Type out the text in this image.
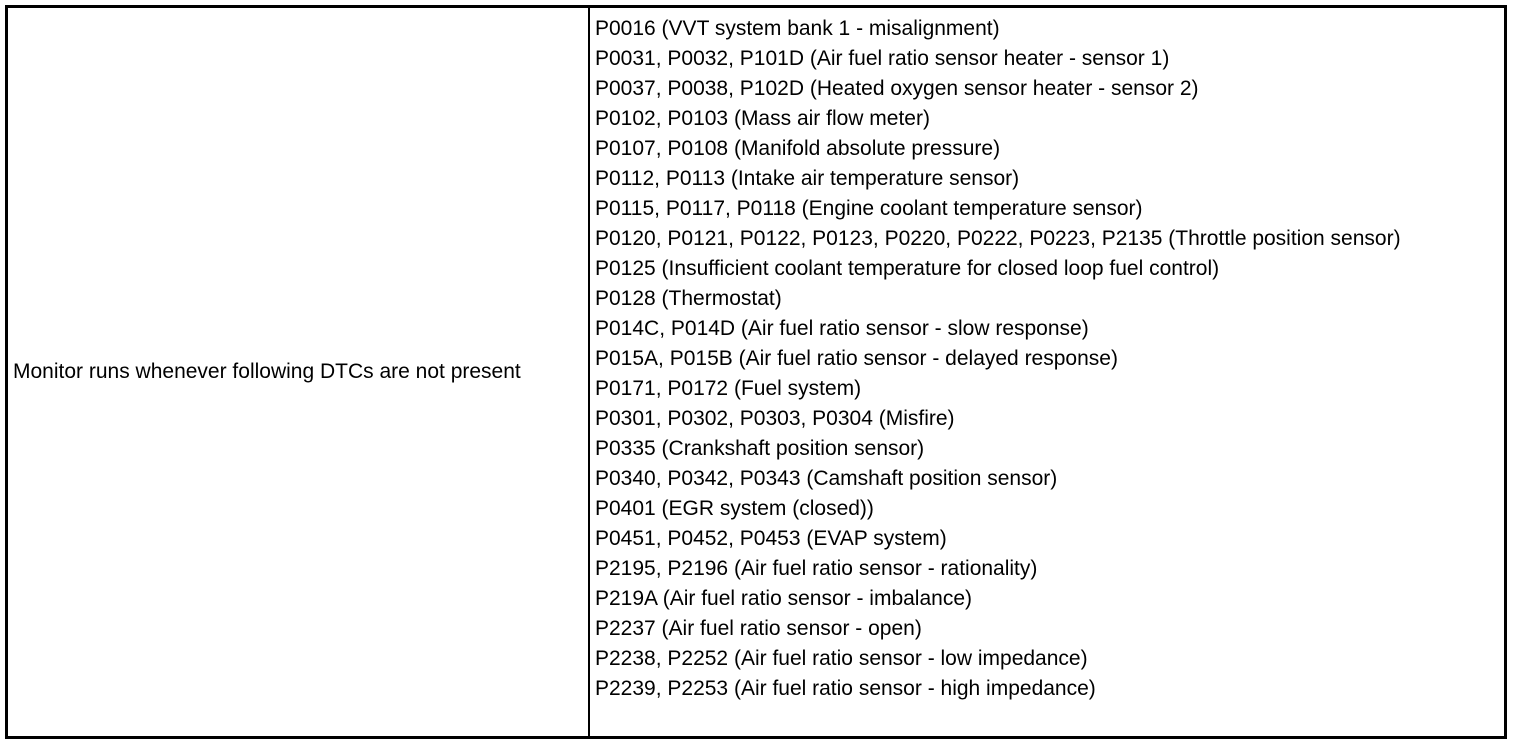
Monitor runs whenever following DTCs are not present

P0016 (VVT system bank 1 - misalignment)
P0031, P0032, P101D (Air fuel ratio sensor heater - sensor 1)
P0037, P0038, P102D (Heated oxygen sensor heater - sensor 2)
P0102, P0103 (Mass air flow meter)
P0107, P0108 (Manifold absolute pressure)
P0112, P0113 (Intake air temperature sensor)
P0115, P0117, P0118 (Engine coolant temperature sensor)
P0120, P0121, P0122, P0123, P0220, P0222, P0223, P2135 (Throttle position sensor)
P0125 (Insufficient coolant temperature for closed loop fuel control)
P0128 (Thermostat)
P014C, P014D (Air fuel ratio sensor - slow response)
P015A, P015B (Air fuel ratio sensor - delayed response)
P0171, P0172 (Fuel system)
P0301, P0302, P0303, P0304 (Misfire)
P0335 (Crankshaft position sensor)
P0340, P0342, P0343 (Camshaft position sensor)
P0401 (EGR system (closed))
P0451, P0452, P0453 (EVAP system)
P2195, P2196 (Air fuel ratio sensor - rationality)
P219A (Air fuel ratio sensor - imbalance)
P2237 (Air fuel ratio sensor - open)
P2238, P2252 (Air fuel ratio sensor - low impedance)
P2239, P2253 (Air fuel ratio sensor - high impedance)
